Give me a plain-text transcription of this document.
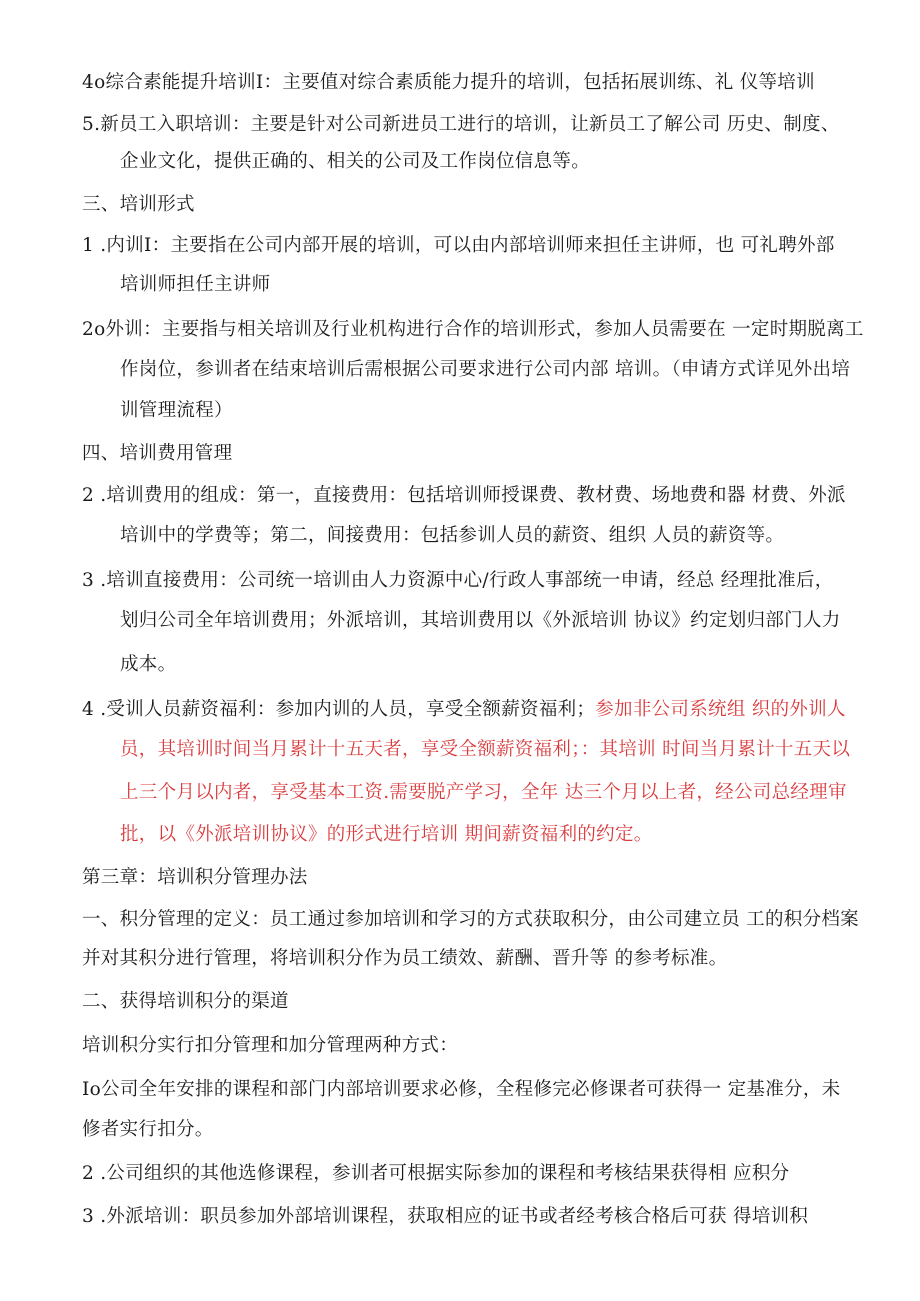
4o综合素能提升培训I：主要值对综合素质能力提升的培训，包括拓展训练、礼 仪等培训
5.新员工入职培训：主要是针对公司新进员工进行的培训，让新员工了解公司 历史、制度、
企业文化，提供正确的、相关的公司及工作岗位信息等。
三、培训形式
1 .内训I：主要指在公司内部开展的培训，可以由内部培训师来担任主讲师，也 可礼聘外部
培训师担任主讲师
2o外训：主要指与相关培训及行业机构进行合作的培训形式，参加人员需要在 一定时期脱离工
作岗位，参训者在结束培训后需根据公司要求进行公司内部 培训。（申请方式详见外出培
训管理流程）
四、培训费用管理
2 .培训费用的组成：第一，直接费用：包括培训师授课费、教材费、场地费和器 材费、外派
培训中的学费等；第二，间接费用：包括参训人员的薪资、组织 人员的薪资等。
3 .培训直接费用：公司统一培训由人力资源中心/行政人事部统一申请，经总 经理批准后，
划归公司全年培训费用；外派培训，其培训费用以《外派培训 协议》约定划归部门人力
成本。
4 .受训人员薪资福利：参加内训的人员，享受全额薪资福利；参加非公司系统组 织的外训人
员，其培训时间当月累计十五天者，享受全额薪资福利；：其培训 时间当月累计十五天以
上三个月以内者，享受基本工资.需要脱产学习，全年 达三个月以上者，经公司总经理审
批，以《外派培训协议》的形式进行培训 期间薪资福利的约定。
第三章：培训积分管理办法
一、积分管理的定义：员工通过参加培训和学习的方式获取积分，由公司建立员 工的积分档案
并对其积分进行管理，将培训积分作为员工绩效、薪酬、晋升等 的参考标准。
二、获得培训积分的渠道
培训积分实行扣分管理和加分管理两种方式：
Io公司全年安排的课程和部门内部培训要求必修，全程修完必修课者可获得一 定基准分，未
修者实行扣分。
2 .公司组织的其他选修课程，参训者可根据实际参加的课程和考核结果获得相 应积分
3 .外派培训：职员参加外部培训课程，获取相应的证书或者经考核合格后可获 得培训积
